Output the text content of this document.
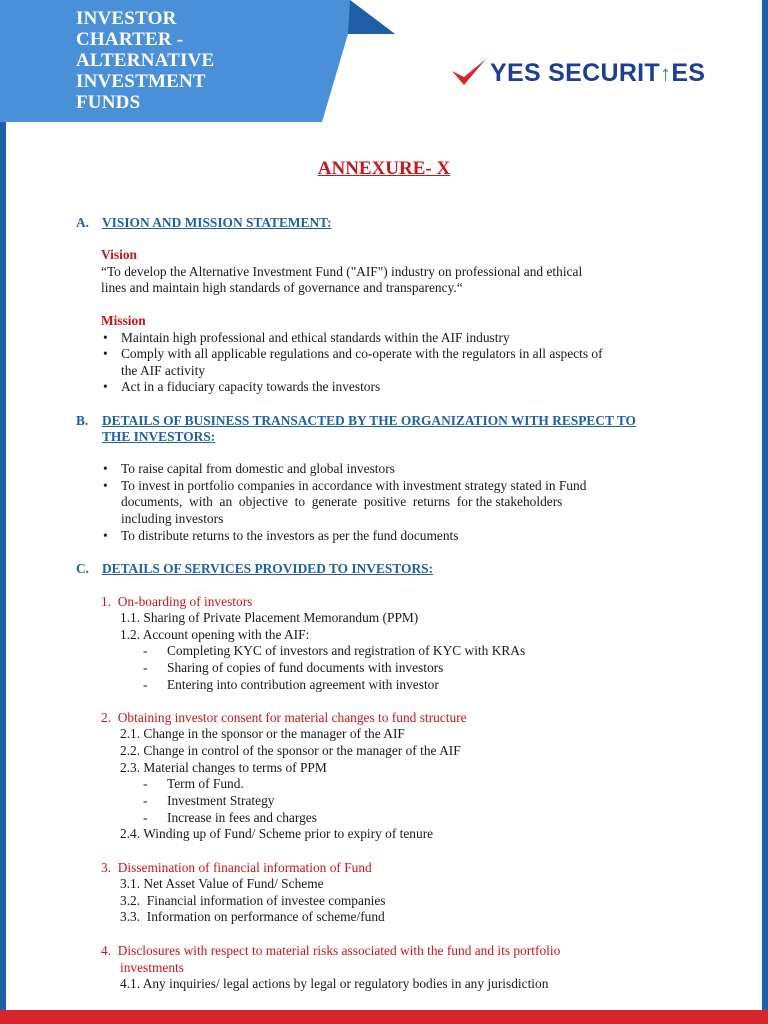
INVESTOR
CHARTER -
ALTERNATIVE
INVESTMENT
FUNDS
YES SECURIT↑ES
ANNEXURE- X
A. VISION AND MISSION STATEMENT:
Vision
“To develop the Alternative Investment Fund ("AIF") industry on professional and ethical
lines and maintain high standards of governance and transparency.“
Mission
• Maintain high professional and ethical standards within the AIF industry
• Comply with all applicable regulations and co-operate with the regulators in all aspects of
the AIF activity
• Act in a fiduciary capacity towards the investors
B. DETAILS OF BUSINESS TRANSACTED BY THE ORGANIZATION WITH RESPECT TO
THE INVESTORS:
• To raise capital from domestic and global investors
• To invest in portfolio companies in accordance with investment strategy stated in Fund
documents,  with  an  objective  to  generate  positive  returns  for the stakeholders
including investors
• To distribute returns to the investors as per the fund documents
C. DETAILS OF SERVICES PROVIDED TO INVESTORS:
1.  On-boarding of investors
1.1. Sharing of Private Placement Memorandum (PPM)
1.2. Account opening with the AIF:
- Completing KYC of investors and registration of KYC with KRAs
- Sharing of copies of fund documents with investors
- Entering into contribution agreement with investor
2.  Obtaining investor consent for material changes to fund structure
2.1. Change in the sponsor or the manager of the AIF
2.2. Change in control of the sponsor or the manager of the AIF
2.3. Material changes to terms of PPM
- Term of Fund.
- Investment Strategy
- Increase in fees and charges
2.4. Winding up of Fund/ Scheme prior to expiry of tenure
3.  Dissemination of financial information of Fund
3.1. Net Asset Value of Fund/ Scheme
3.2.  Financial information of investee companies
3.3.  Information on performance of scheme/fund
4.  Disclosures with respect to material risks associated with the fund and its portfolio
investments
4.1. Any inquiries/ legal actions by legal or regulatory bodies in any jurisdiction
